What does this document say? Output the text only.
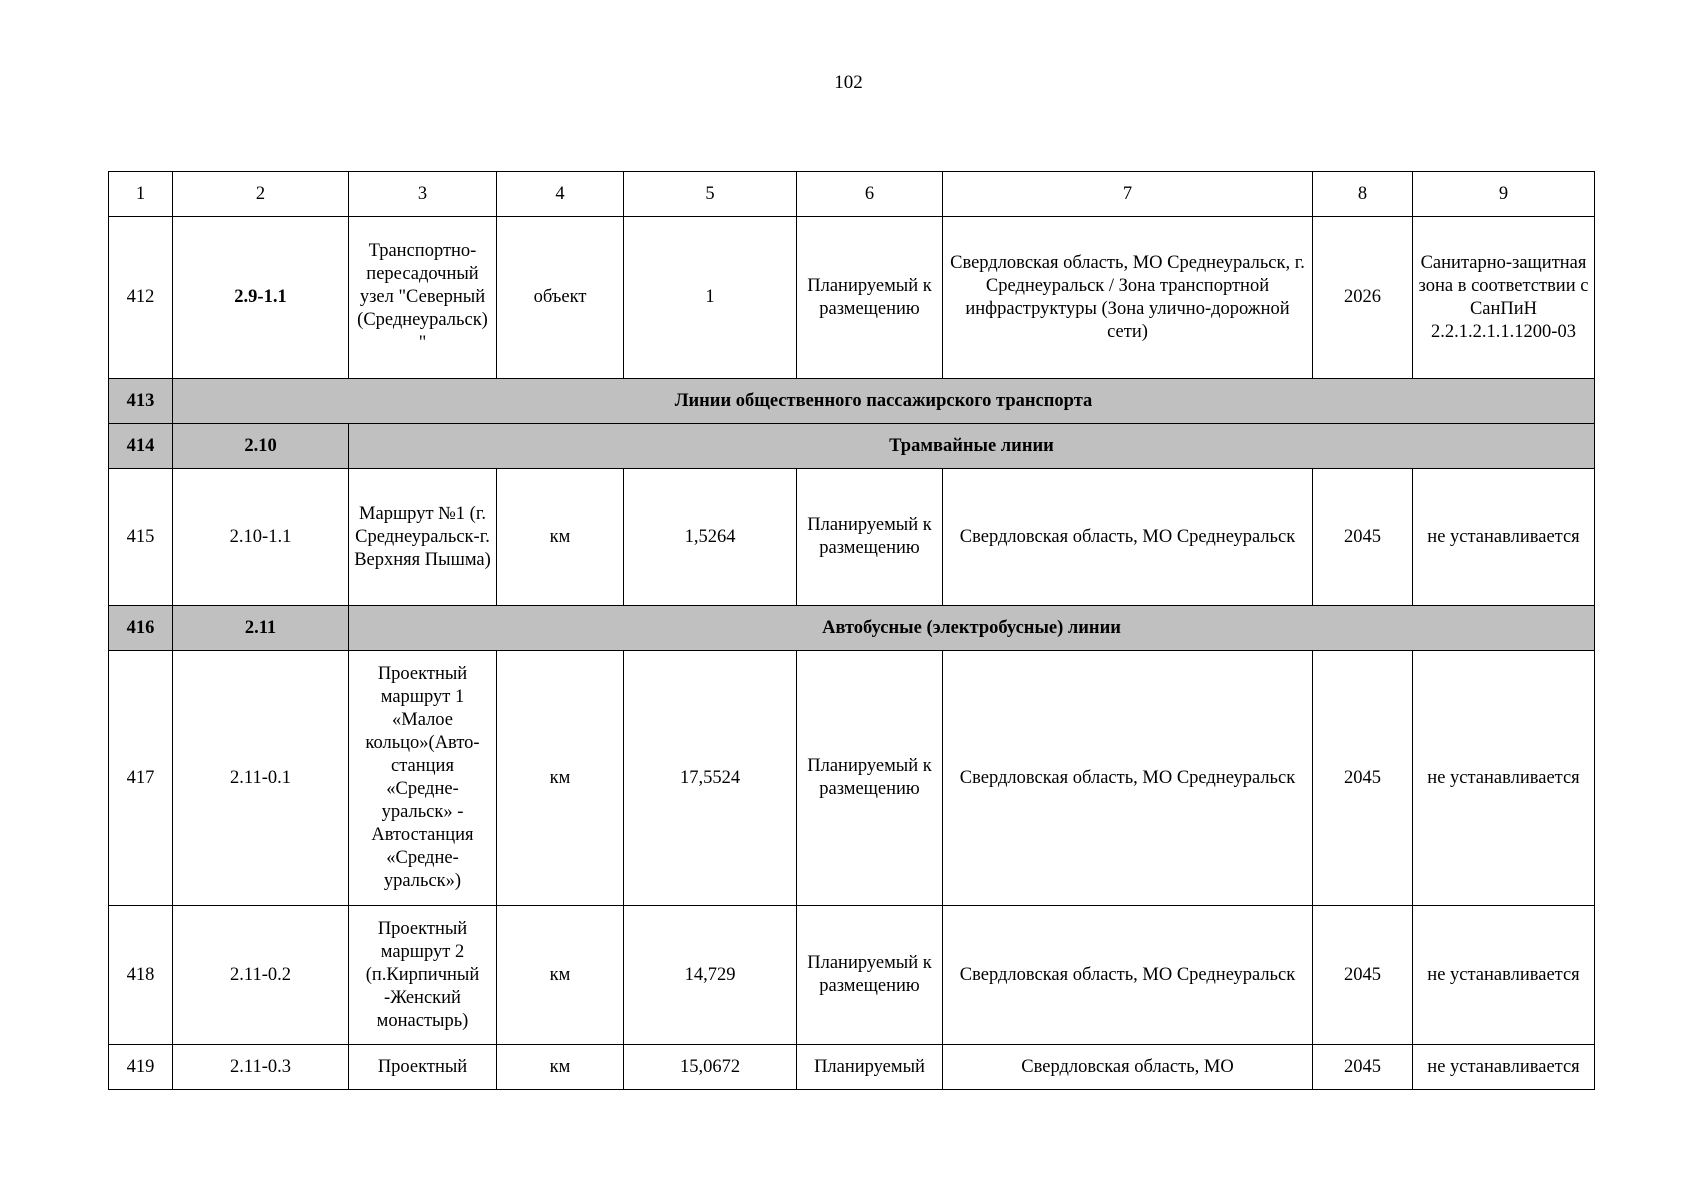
102
1	2	3	4	5	6	7	8	9
412	2.9-1.1	Транспортно-пересадочный узел "Северный (Среднеуральск)"	объект	1	Планируемый к размещению	Свердловская область, МО Среднеуральск, г. Среднеуральск / Зона транспортной инфраструктуры (Зона улично-дорожной сети)	2026	Санитарно-защитная зона в соответствии с СанПиН 2.2.1.2.1.1.1200-03
413	Линии общественного пассажирского транспорта							
414	2.10	Трамвайные линии						
415	2.10-1.1	Маршрут №1 (г. Среднеуральск-г. Верхняя Пышма)	км	1,5264	Планируемый к размещению	Свердловская область, МО Среднеуральск	2045	не устанавливается
416	2.11	Автобусные (электробусные) линии						
417	2.11-0.1	Проектный маршрут 1 «Малое кольцо»(Авто-станция «Средне-уральск» - Автостанция «Средне-уральск»)	км	17,5524	Планируемый к размещению	Свердловская область, МО Среднеуральск	2045	не устанавливается
418	2.11-0.2	Проектный маршрут 2 (п.Кирпичный -Женский монастырь)	км	14,729	Планируемый к размещению	Свердловская область, МО Среднеуральск	2045	не устанавливается
419	2.11-0.3	Проектный	км	15,0672	Планируемый	Свердловская область, МО	2045	не устанавливается
